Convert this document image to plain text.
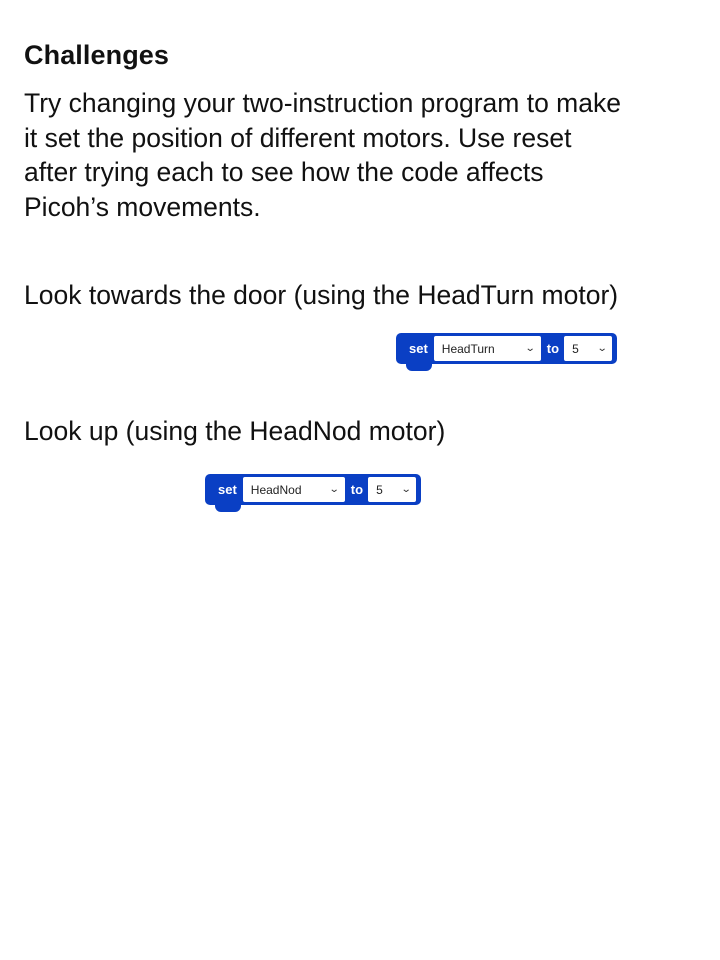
Challenges

Try changing your two-instruction program to make
it set the position of different motors. Use reset
after trying each to see how the code affects
Picoh’s movements.

Look towards the door (using the HeadTurn motor)
set	HeadTurn	⌄ to	5 ⌄
Look up (using the HeadNod motor)
set	HeadNod	⌄ to	5 ⌄
